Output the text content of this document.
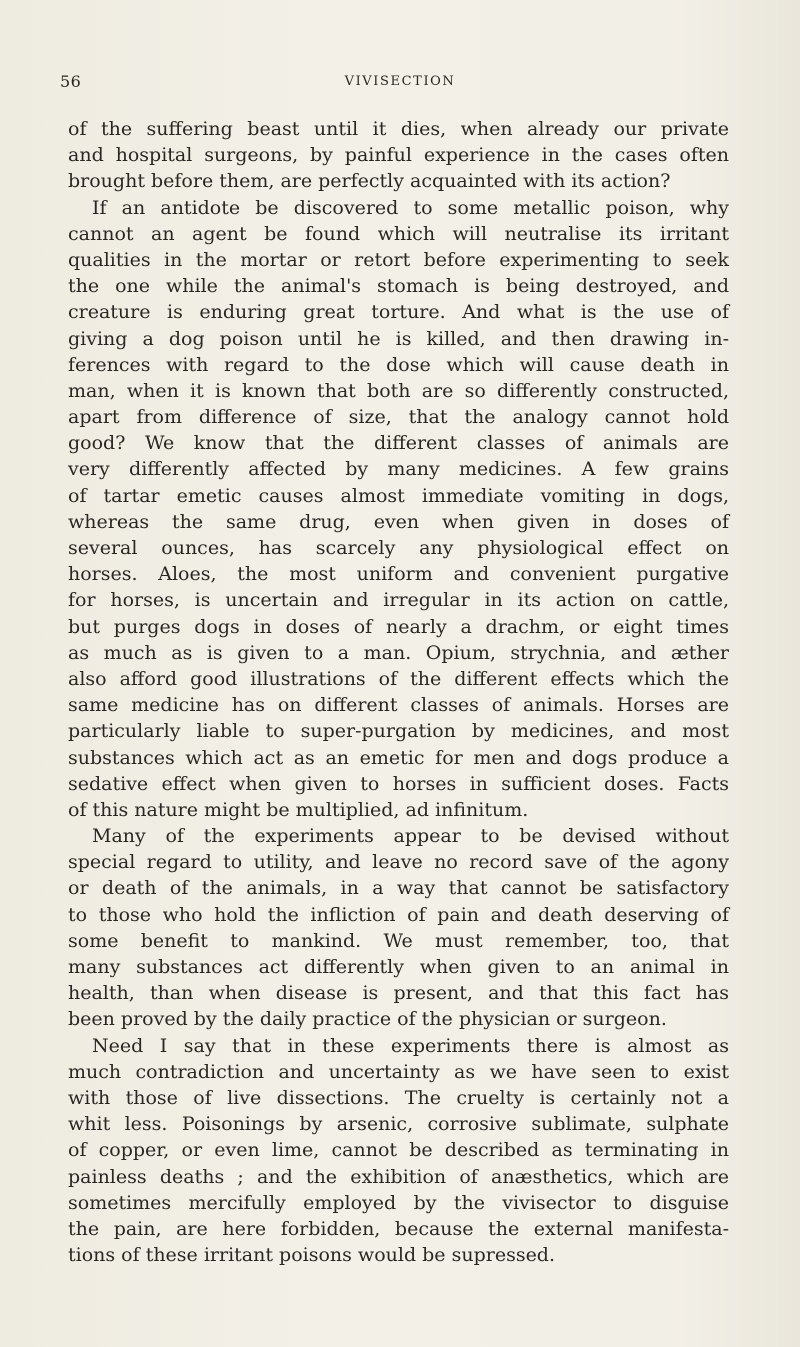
56	VIVISECTION
of the suffering beast until it dies, when already our private
and hospital surgeons, by painful experience in the cases often
brought before them, are perfectly acquainted with its action?
If an antidote be discovered to some metallic poison, why
cannot an agent be found which will neutralise its irritant
qualities in the mortar or retort before experimenting to seek
the one while the animal's stomach is being destroyed, and
creature is enduring great torture. And what is the use of
giving a dog poison until he is killed, and then drawing in-
ferences with regard to the dose which will cause death in
man, when it is known that both are so differently constructed,
apart from difference of size, that the analogy cannot hold
good? We know that the different classes of animals are
very differently affected by many medicines. A few grains
of tartar emetic causes almost immediate vomiting in dogs,
whereas the same drug, even when given in doses of
several ounces, has scarcely any physiological effect on
horses. Aloes, the most uniform and convenient purgative
for horses, is uncertain and irregular in its action on cattle,
but purges dogs in doses of nearly a drachm, or eight times
as much as is given to a man. Opium, strychnia, and æther
also afford good illustrations of the different effects which the
same medicine has on different classes of animals. Horses are
particularly liable to super-purgation by medicines, and most
substances which act as an emetic for men and dogs produce a
sedative effect when given to horses in sufficient doses. Facts
of this nature might be multiplied, ad infinitum.
Many of the experiments appear to be devised without
special regard to utility, and leave no record save of the agony
or death of the animals, in a way that cannot be satisfactory
to those who hold the infliction of pain and death deserving of
some benefit to mankind. We must remember, too, that
many substances act differently when given to an animal in
health, than when disease is present, and that this fact has
been proved by the daily practice of the physician or surgeon.
Need I say that in these experiments there is almost as
much contradiction and uncertainty as we have seen to exist
with those of live dissections. The cruelty is certainly not a
whit less. Poisonings by arsenic, corrosive sublimate, sulphate
of copper, or even lime, cannot be described as terminating in
painless deaths ; and the exhibition of anæsthetics, which are
sometimes mercifully employed by the vivisector to disguise
the pain, are here forbidden, because the external manifesta-
tions of these irritant poisons would be supressed.
